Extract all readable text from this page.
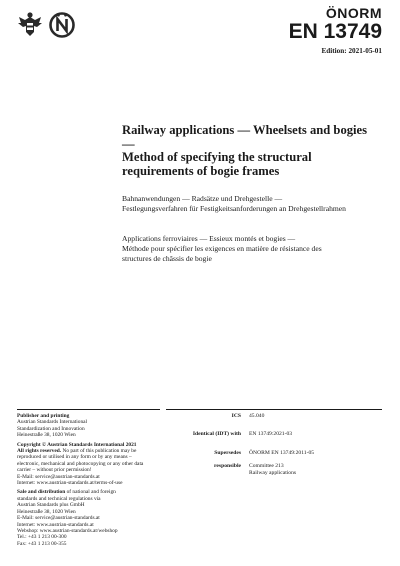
ÖNORM
EN 13749
Edition: 2021-05-01
Railway applications — Wheelsets and bogies —
Method of specifying the structural
requirements of bogie frames
Bahnanwendungen — Radsätze und Drehgestelle —
Festlegungsverfahren für Festigkeitsanforderungen an Drehgestellrahmen
Applications ferroviaires — Essieux montés et bogies —
Méthode pour spécifier les exigences en matière de résistance des
structures de châssis de bogie
Publisher and printing
Austrian Standards International
Standardization and Innovation
Heinestraße 38, 1020 Wien
Copyright © Austrian Standards International 2021
All rights reserved. No part of this publication may be
reproduced or utilised in any form or by any means –
electronic, mechanical and photocopying or any other data
carrier – without prior permission!
E-Mail: service@austrian-standards.at
Internet: www.austrian-standards.at/terms-of-use
Sale and distribution of national and foreign
standards and technical regulations via
Austrian Standards plus GmbH
Heinestraße 38, 1020 Wien
E-Mail: service@austrian-standards.at
Internet: www.austrian-standards.at
Webshop: www.austrian-standards.at/webshop
Tel.: +43 1 213 00-300
Fax: +43 1 213 00-355
ICS	45.040
Identical (IDT) with	EN 13749:2021-03
Supersedes	ÖNORM EN 13749:2011-05
responsible	Committee 213
Railway applications
